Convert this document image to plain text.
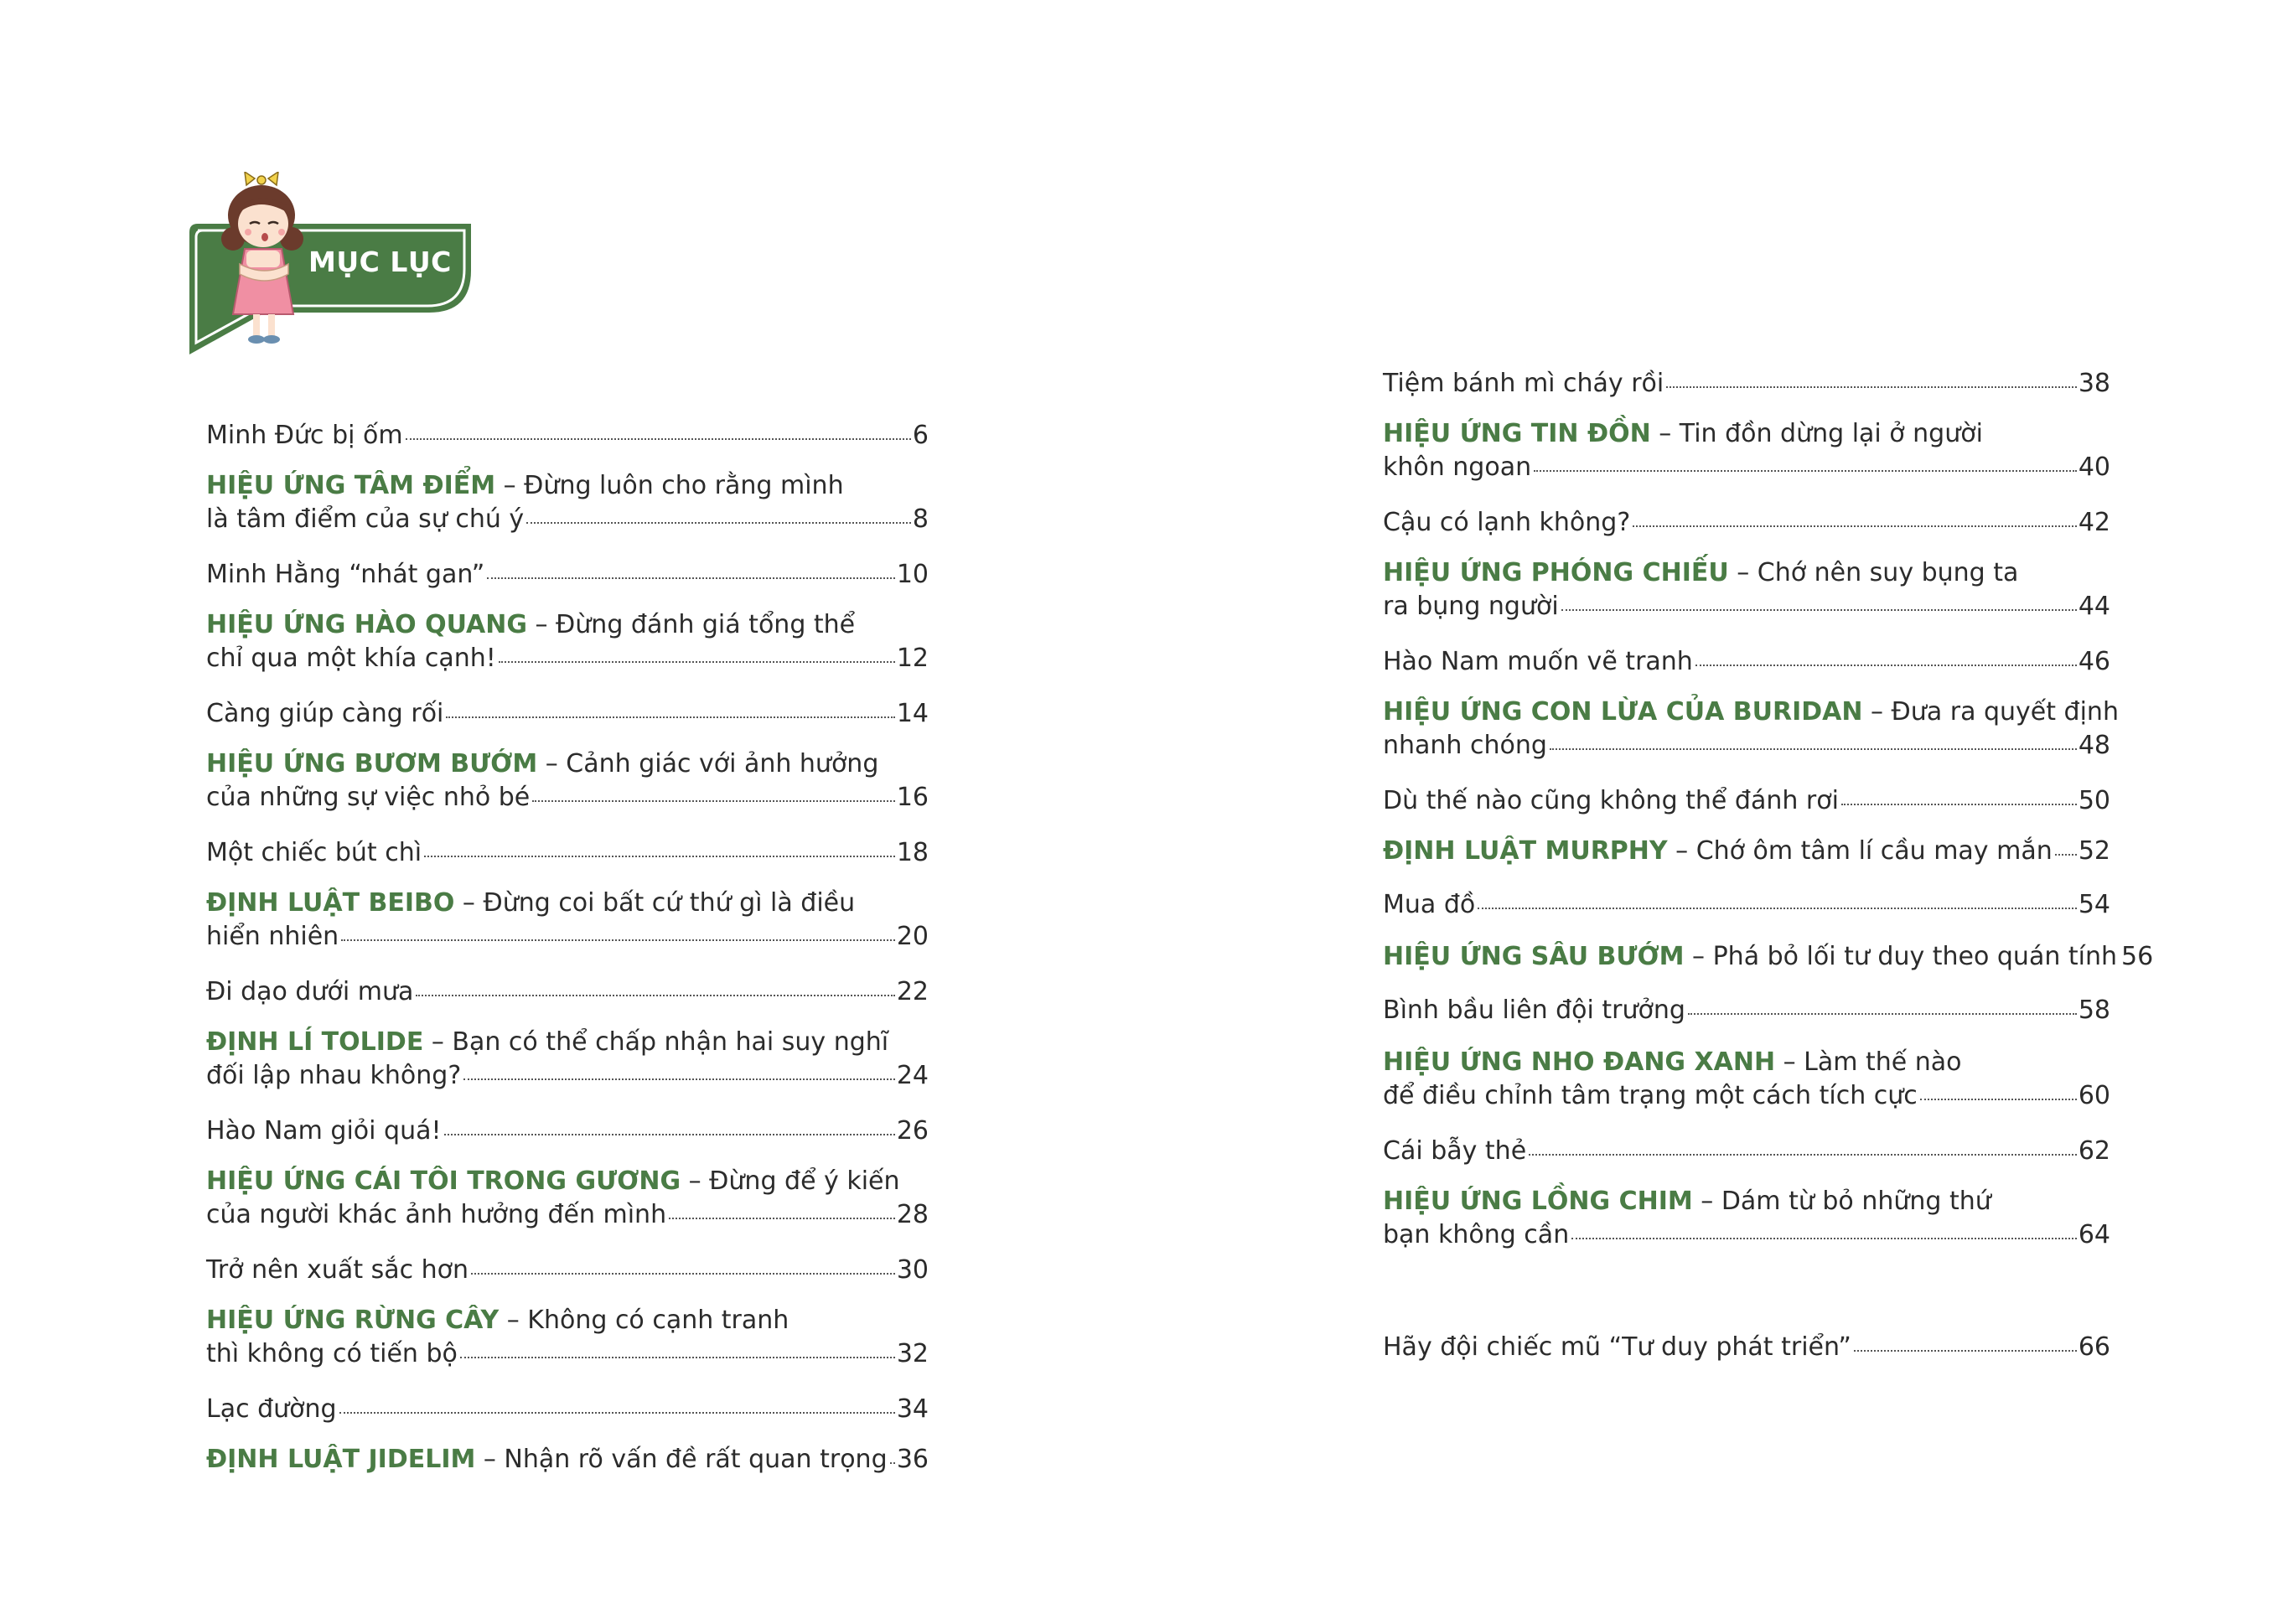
MỤC LỤC
Minh Đức bị ốm	6
HIỆU ỨNG TÂM ĐIỂM – Đừng luôn cho rằng mình
là tâm điểm của sự chú ý	8
Minh Hằng “nhát gan”	10
HIỆU ỨNG HÀO QUANG – Đừng đánh giá tổng thể
chỉ qua một khía cạnh!	12
Càng giúp càng rối	14
HIỆU ỨNG BƯƠM BƯỚM – Cảnh giác với ảnh hưởng
của những sự việc nhỏ bé	16
Một chiếc bút chì	18
ĐỊNH LUẬT BEIBO – Đừng coi bất cứ thứ gì là điều
hiển nhiên	20
Đi dạo dưới mưa	22
ĐỊNH LÍ TOLIDE – Bạn có thể chấp nhận hai suy nghĩ
đối lập nhau không?	24
Hào Nam giỏi quá!	26
HIỆU ỨNG CÁI TÔI TRONG GƯƠNG – Đừng để ý kiến
của người khác ảnh hưởng đến mình	28
Trở nên xuất sắc hơn	30
HIỆU ỨNG RỪNG CÂY – Không có cạnh tranh
thì không có tiến bộ	32
Lạc đường	34
ĐỊNH LUẬT JIDELIM – Nhận rõ vấn đề rất quan trọng 36
Tiệm bánh mì cháy rồi	38
HIỆU ỨNG TIN ĐỒN – Tin đồn dừng lại ở người
khôn ngoan	40
Cậu có lạnh không?	42
HIỆU ỨNG PHÓNG CHIẾU – Chớ nên suy bụng ta
ra bụng người	44
Hào Nam muốn vẽ tranh	46
HIỆU ỨNG CON LỪA CỦA BURIDAN – Đưa ra quyết định
nhanh chóng	48
Dù thế nào cũng không thể đánh rơi	50
ĐỊNH LUẬT MURPHY – Chớ ôm tâm lí cầu may mắn 52
Mua đồ	54
HIỆU ỨNG SÂU BƯỚM – Phá bỏ lối tư duy theo quán tính 56
Bình bầu liên đội trưởng	58
HIỆU ỨNG NHO ĐANG XANH – Làm thế nào
để điều chỉnh tâm trạng một cách tích cực	60
Cái bẫy thẻ	62
HIỆU ỨNG LỒNG CHIM – Dám từ bỏ những thứ
bạn không cần	64
Hãy đội chiếc mũ “Tư duy phát triển”	66
